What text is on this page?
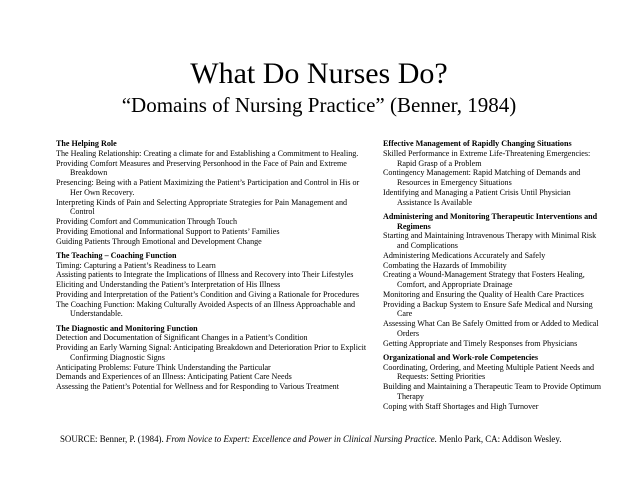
What Do Nurses Do?
“Domains of Nursing Practice” (Benner, 1984)
The Helping Role
The Healing Relationship: Creating a climate for and Establishing a Commitment to Healing.
Providing Comfort Measures and Preserving Personhood in the Face of Pain and Extreme Breakdown
Presencing: Being with a Patient Maximizing the Patient’s Participation and Control in His or Her Own Recovery.
Interpreting Kinds of Pain and Selecting Appropriate Strategies for Pain Management and Control
Providing Comfort and Communication Through Touch
Providing Emotional and Informational Support to Patients’ Families
Guiding Patients Through Emotional and Development Change
The Teaching – Coaching Function
Timing: Capturing a Patient’s Readiness to Learn
Assisting patients to Integrate the Implications of Illness and Recovery into Their Lifestyles
Eliciting and Understanding the Patient’s Interpretation of His Illness
Providing and Interpretation of the Patient’s Condition and Giving a Rationale for Procedures
The Coaching Function: Making Culturally Avoided Aspects of an Illness Approachable and Understandable.
The Diagnostic and Monitoring Function
Detection and Documentation of Significant Changes in a Patient’s Condition
Providing an Early Warning Signal: Anticipating Breakdown and Deterioration Prior to Explicit Confirming Diagnostic Signs
Anticipating Problems: Future Think Understanding the Particular
Demands and Experiences of an Illness: Anticipating Patient Care Needs
Assessing the Patient’s Potential for Wellness and for Responding to Various Treatment
Effective Management of Rapidly Changing Situations
Skilled Performance in Extreme Life-Threatening Emergencies: Rapid Grasp of a Problem
Contingency Management: Rapid Matching of Demands and Resources in Emergency Situations
Identifying and Managing a Patient Crisis Until Physician Assistance Is Available
Administering and Monitoring Therapeutic Interventions and Regimens
Starting and Maintaining Intravenous Therapy with Minimal Risk and Complications
Administering Medications Accurately and Safely
Combating the Hazards of Immobility
Creating a Wound-Management Strategy that Fosters Healing, Comfort, and Appropriate Drainage
Monitoring and Ensuring the Quality of Health Care Practices
Providing a Backup System to Ensure Safe Medical and Nursing Care
Assessing What Can Be Safely Omitted from or Added to Medical Orders
Getting Appropriate and Timely Responses from Physicians
Organizational and Work-role Competencies
Coordinating, Ordering, and Meeting Multiple Patient Needs and Requests: Setting Priorities
Building and Maintaining a Therapeutic Team to Provide Optimum Therapy
Coping with Staff Shortages and High Turnover
SOURCE: Benner, P. (1984). From Novice to Expert: Excellence and Power in Clinical Nursing Practice. Menlo Park, CA: Addison Wesley.
